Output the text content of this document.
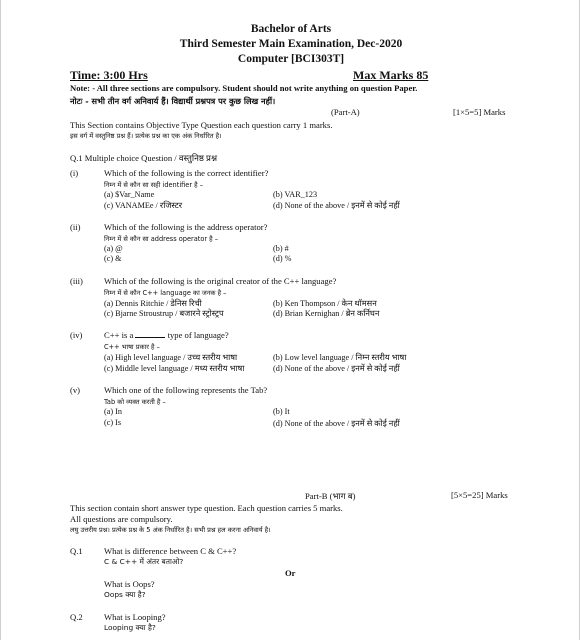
Bachelor of Arts
Third Semester Main Examination, Dec-2020
Computer [BCI303T]
Time: 3:00 Hrs	Max Marks 85
Note: - All three sections are compulsory. Student should not write anything on question Paper.
नोटः - सभी तीन वर्ग अनिवार्य हैं। विद्यार्थी प्रश्नपत्र पर कुछ लिख नहीं।
(Part-A)	[1×5=5] Marks
This Section contains Objective Type Question each question carry 1 marks.
इस वर्ग में वस्तुनिष्ठ प्रश्न हैं। प्रत्येक प्रश्न का एक अंक निर्धारित है।
Q.1 Multiple choice Question / वस्तुनिष्ठ प्रश्न
(i)	Which of the following is the correct identifier?
निम्न में से कौन सा सही identifier है –
(a) $Var_Name	(b) VAR_123
(c) VANAMEe / रजिस्टर	(d) None of the above / इनमें से कोई नहीं
(ii)	Which of the following is the address operator?
निम्न में से कौन सा address operator है –
(a) @	(b) #
(c) &	(d) %
(iii) Which of the following is the original creator of the C++ language?
निम्न में से कौन C++ language का जनक है –
(a) Dennis Ritchie / डेनिस रिची	(b) Ken Thompson / केन थॉमसन
(c) Bjarne Stroustrup / बजारने स्ट्रोस्ट्रप	(d) Brian Kernighan / ब्रेन कर्निघन
(iv)	C++ is a	type of language?
C++ भाषा प्रकार है –
(a) High level language / उच्च स्तरीय भाषा	(b) Low level language / निम्न स्तरीय भाषा
(c) Middle level language / मध्य स्तरीय भाषा	(d) None of the above / इनमें से कोई नहीं
(v)	Which one of the following represents the Tab?
Tab को व्यक्त करती है –
(a) In	(b) It
(c) Is	(d) None of the above / इनमें से कोई नहीं
Part-B (भाग ब)	[5×5=25] Marks
This section contain short answer type question. Each question carries 5 marks.
All questions are compulsory.
लघु उत्तरीय प्रश्न। प्रत्येक प्रश्न के 5 अंक निर्धारित है। सभी प्रश्न हल करना अनिवार्य है।
Q.1 What is difference between C & C++?
C & C++ में अंतर बताओ?
Or
What is Oops?
Oops क्या है?
Q.2 What is Looping?
Looping क्या है?
